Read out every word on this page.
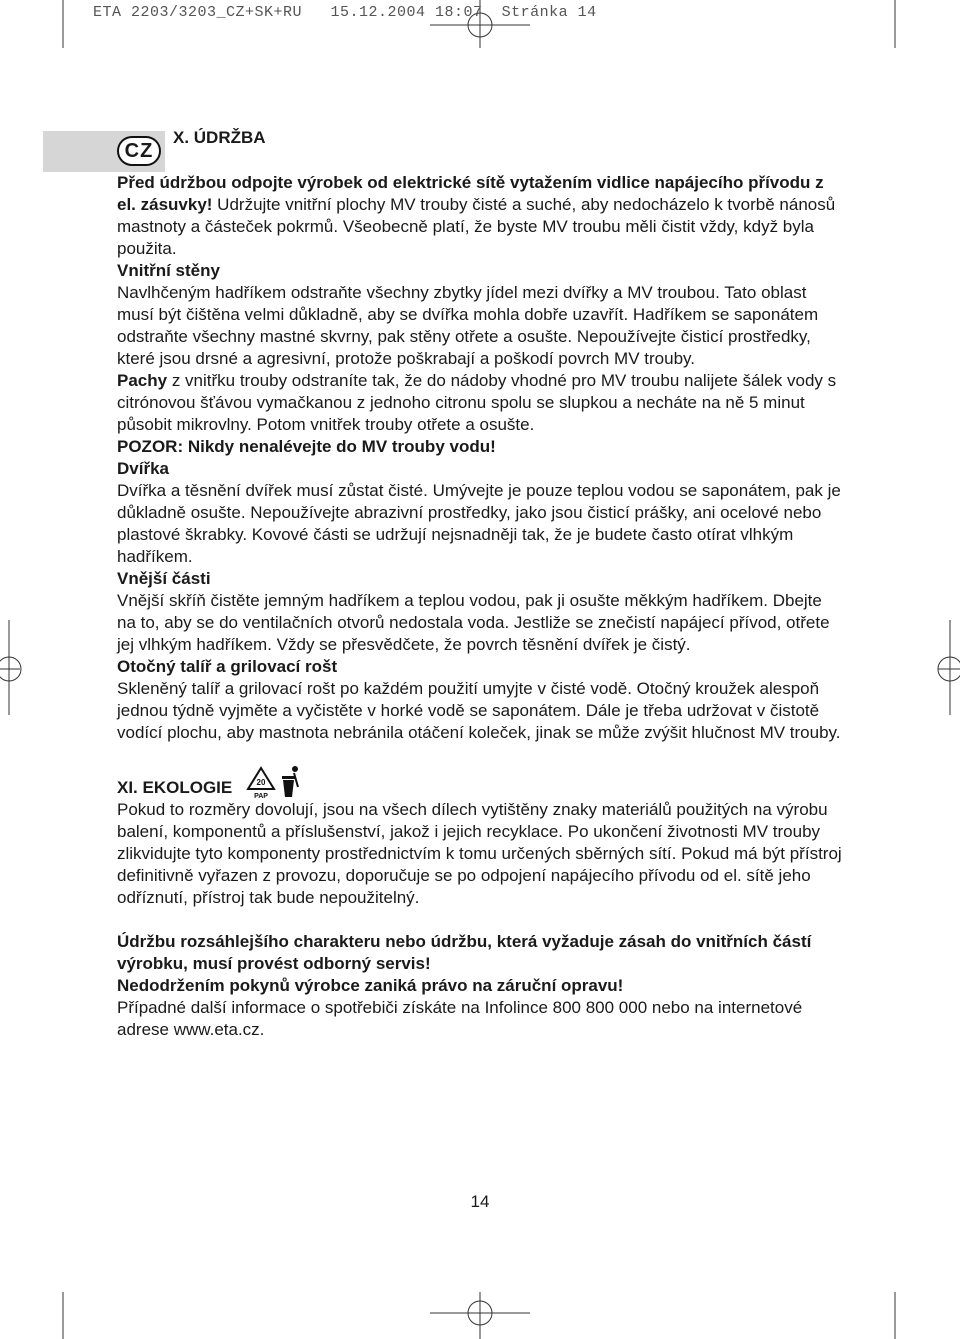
ETA 2203/3203_CZ+SK+RU   15.12.2004 18:07  Stránka 14
CZ
X. ÚDRŽBA

Před údržbou odpojte výrobek od elektrické sítě vytažením vidlice napájecího přívodu z el. zásuvky! Udržujte vnitřní plochy MV trouby čisté a suché, aby nedocházelo k tvorbě nánosů mastnoty a částeček pokrmů. Všeobecně platí, že byste MV troubu měli čistit vždy, když byla použita.

Vnitřní stěny

Navlhčeným hadříkem odstraňte všechny zbytky jídel mezi dvířky a MV troubou. Tato oblast musí být čištěna velmi důkladně, aby se dvířka mohla dobře uzavřít. Hadříkem se saponátem odstraňte všechny mastné skvrny, pak stěny otřete a osušte. Nepoužívejte čisticí prostředky, které jsou drsné a agresivní, protože poškrabají a poškodí povrch MV trouby.

Pachy z vnitřku trouby odstraníte tak, že do nádoby vhodné pro MV troubu nalijete šálek vody s citrónovou šťávou vymačkanou z jednoho citronu spolu se slupkou a necháte na ně 5 minut působit mikrovlny. Potom vnitřek trouby otřete a osušte.

POZOR: Nikdy nenalévejte do MV trouby vodu!

Dvířka

Dvířka a těsnění dvířek musí zůstat čisté. Umývejte je pouze teplou vodou se saponátem, pak je důkladně osušte. Nepoužívejte abrazivní prostředky, jako jsou čisticí prášky, ani ocelové nebo plastové škrabky. Kovové části se udržují nejsnadněji tak, že je budete často otírat vlhkým hadříkem.

Vnější části

Vnější skříň čistěte jemným hadříkem a teplou vodou, pak ji osušte měkkým hadříkem. Dbejte na to, aby se do ventilačních otvorů nedostala voda. Jestliže se znečistí napájecí přívod, otřete jej vlhkým hadříkem. Vždy se přesvědčete, že povrch těsnění dvířek je čistý.

Otočný talíř a grilovací rošt

Skleněný talíř a grilovací rošt po každém použití umyjte v čisté vodě. Otočný kroužek alespoň jednou týdně vyjměte a vyčistěte v horké vodě se saponátem. Dále je třeba udržovat v čistotě vodící plochu, aby mastnota nebránila otáčení koleček, jinak se může zvýšit hlučnost MV trouby.

XI. EKOLOGIE	20
PAP

Pokud to rozměry dovolují, jsou na všech dílech vytištěny znaky materiálů použitých na výrobu balení, komponentů a příslušenství, jakož i jejich recyklace. Po ukončení životnosti MV trouby zlikvidujte tyto komponenty prostřednictvím k tomu určených sběrných sítí. Pokud má být přístroj definitivně vyřazen z provozu, doporučuje se po odpojení napájecího přívodu od el. sítě jeho odříznutí, přístroj tak bude nepoužitelný.

Údržbu rozsáhlejšího charakteru nebo údržbu, která vyžaduje zásah do vnitřních částí výrobku, musí provést odborný servis!

Nedodržením pokynů výrobce zaniká právo na záruční opravu!

Případné další informace o spotřebiči získáte na Infolince 800 800 000 nebo na internetové adrese www.eta.cz.

14
